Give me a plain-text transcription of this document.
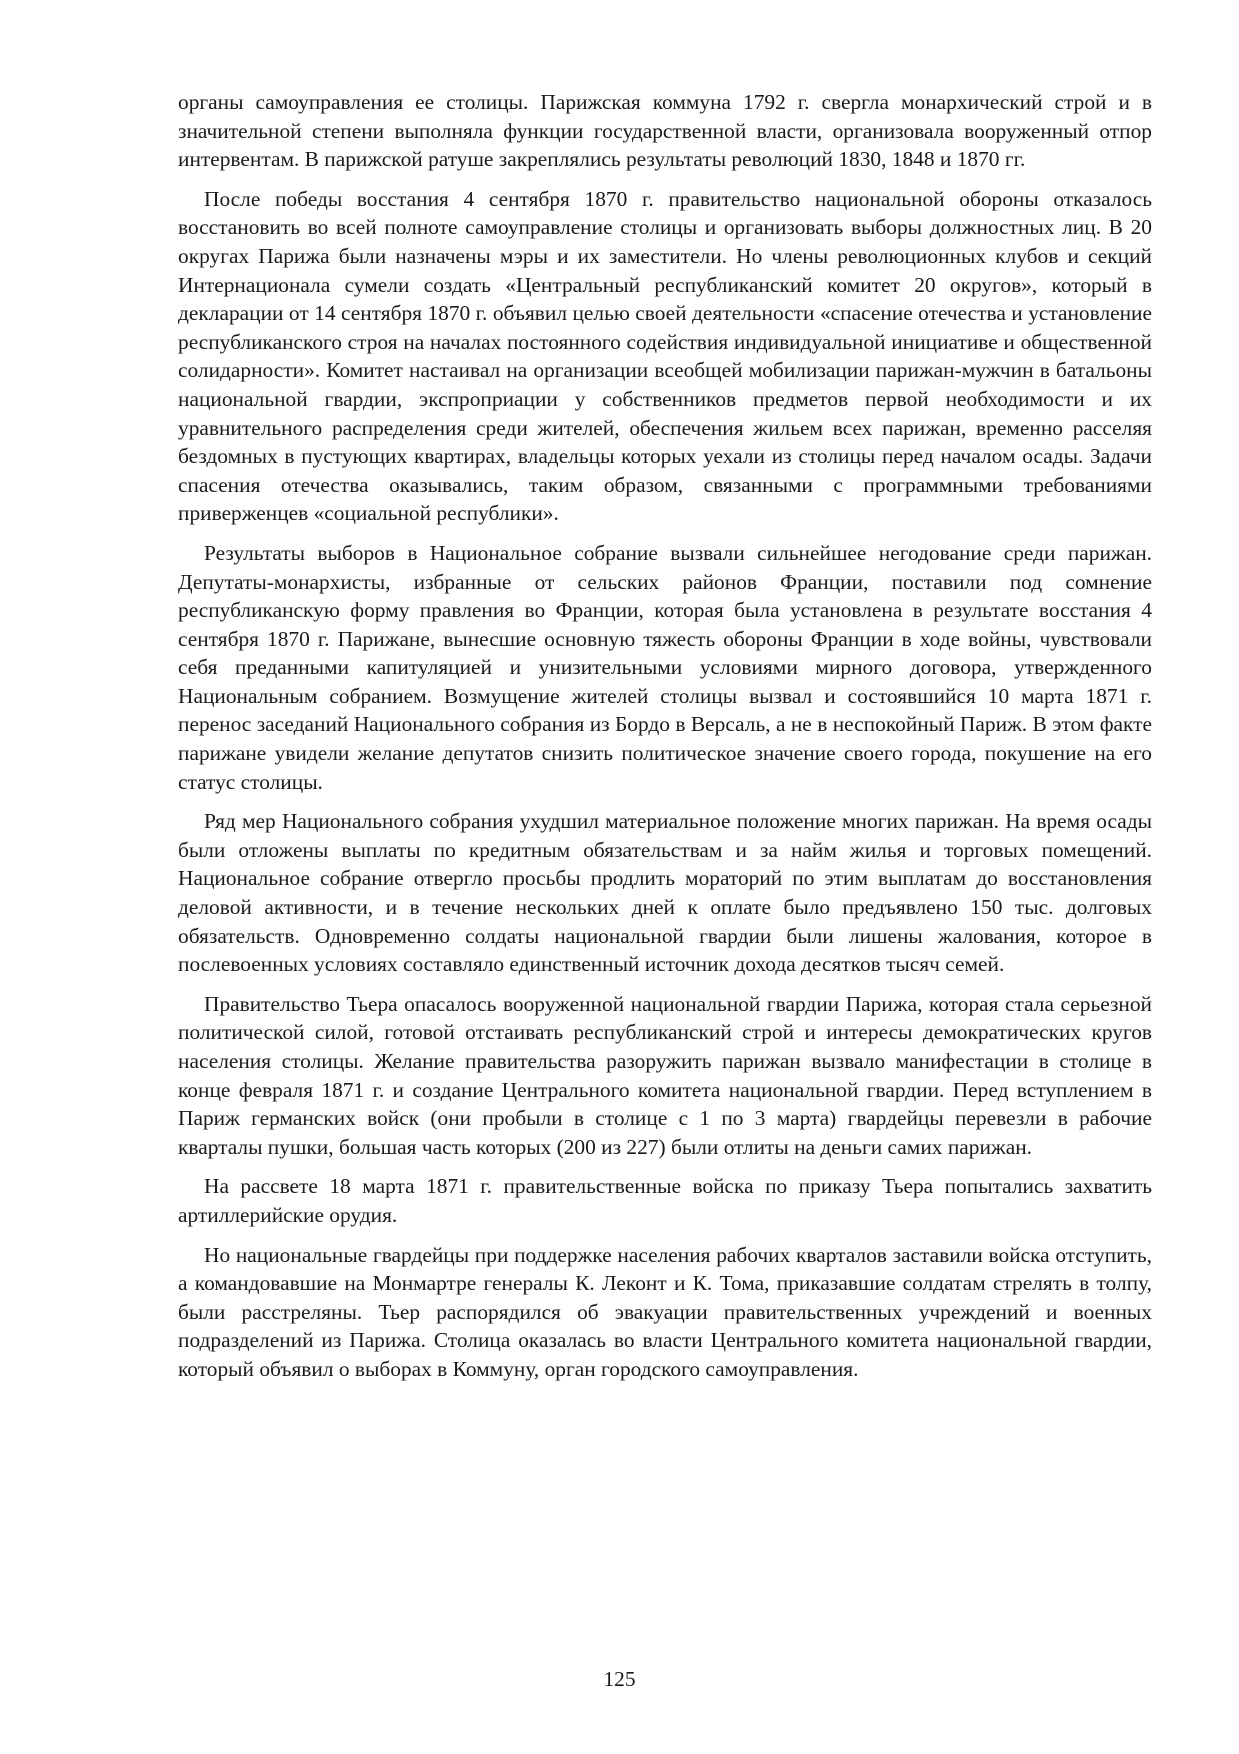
органы самоуправления ее столицы. Парижская коммуна 1792 г. свергла монархический строй и в значительной степени выполняла функции государственной власти, организовала вооруженный отпор интервентам. В парижской ратуше закреплялись результаты революций 1830, 1848 и 1870 гг.

После победы восстания 4 сентября 1870 г. правительство национальной обороны отказалось восстановить во всей полноте самоуправление столицы и организовать выборы должностных лиц. В 20 округах Парижа были назначены мэры и их заместители. Но члены революционных клубов и секций Интернационала сумели создать «Центральный республиканский комитет 20 округов», который в декларации от 14 сентября 1870 г. объявил целью своей деятельности «спасение отечества и установление республиканского строя на началах постоянного содействия индивидуальной инициативе и общественной солидарности». Комитет настаивал на организации всеобщей мобилизации парижан-мужчин в батальоны национальной гвардии, экспроприации у собственников предметов первой необходимости и их уравнительного распределения среди жителей, обеспечения жильем всех парижан, временно расселяя бездомных в пустующих квартирах, владельцы которых уехали из столицы перед началом осады. Задачи спасения отечества оказывались, таким образом, связанными с программными требованиями приверженцев «социальной республики».

Результаты выборов в Национальное собрание вызвали сильнейшее негодование среди парижан. Депутаты-монархисты, избранные от сельских районов Франции, поставили под сомнение республиканскую форму правления во Франции, которая была установлена в результате восстания 4 сентября 1870 г. Парижане, вынесшие основную тяжесть обороны Франции в ходе войны, чувствовали себя преданными капитуляцией и унизительными условиями мирного договора, утвержденного Национальным собранием. Возмущение жителей столицы вызвал и состоявшийся 10 марта 1871 г. перенос заседаний Национального собрания из Бордо в Версаль, а не в неспокойный Париж. В этом факте парижане увидели желание депутатов снизить политическое значение своего города, покушение на его статус столицы.

Ряд мер Национального собрания ухудшил материальное положение многих парижан. На время осады были отложены выплаты по кредитным обязательствам и за найм жилья и торговых помещений. Национальное собрание отвергло просьбы продлить мораторий по этим выплатам до восстановления деловой активности, и в течение нескольких дней к оплате было предъявлено 150 тыс. долговых обязательств. Одновременно солдаты национальной гвардии были лишены жалования, которое в послевоенных условиях составляло единственный источник дохода десятков тысяч семей.

Правительство Тьера опасалось вооруженной национальной гвардии Парижа, которая стала серьезной политической силой, готовой отстаивать республиканский строй и интересы демократических кругов населения столицы. Желание правительства разоружить парижан вызвало манифестации в столице в конце февраля 1871 г. и создание Центрального комитета национальной гвардии. Перед вступлением в Париж германских войск (они пробыли в столице с 1 по 3 марта) гвардейцы перевезли в рабочие кварталы пушки, большая часть которых (200 из 227) были отлиты на деньги самих парижан.

На рассвете 18 марта 1871 г. правительственные войска по приказу Тьера попытались захватить артиллерийские орудия.

Но национальные гвардейцы при поддержке населения рабочих кварталов заставили войска отступить, а командовавшие на Монмартре генералы К. Леконт и К. Тома, приказавшие солдатам стрелять в толпу, были расстреляны. Тьер распорядился об эвакуации правительственных учреждений и военных подразделений из Парижа. Столица оказалась во власти Центрального комитета национальной гвардии, который объявил о выборах в Коммуну, орган городского самоуправления.

125
